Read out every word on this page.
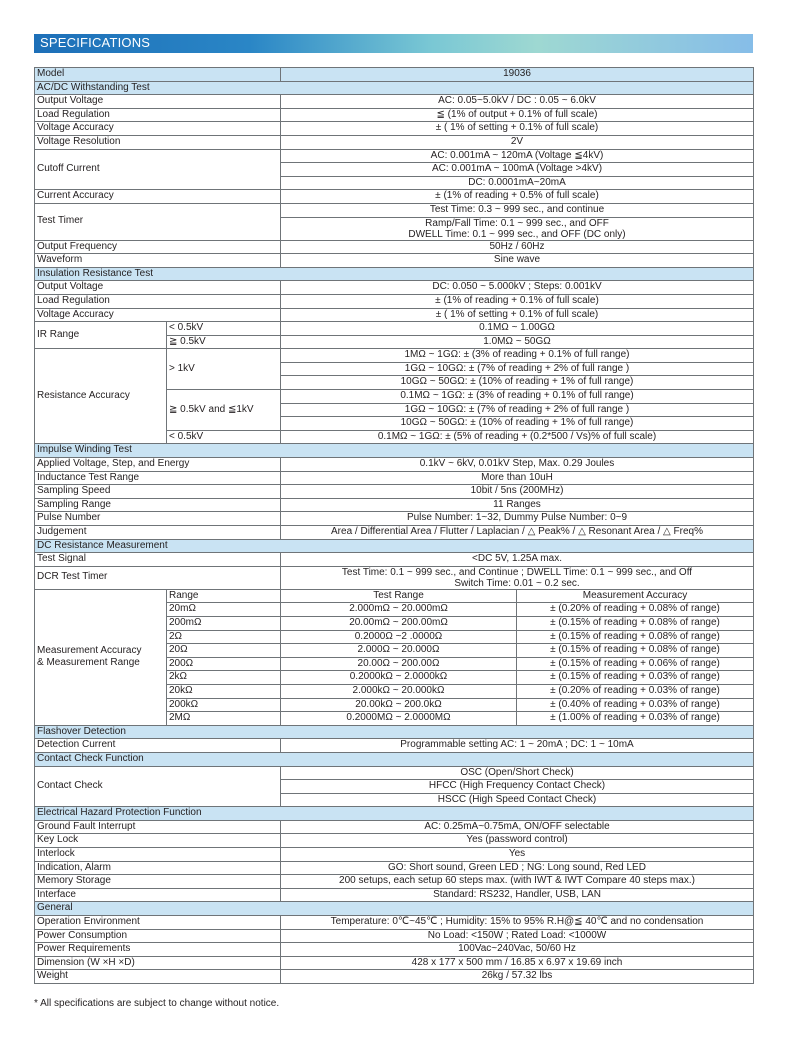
SPECIFICATIONS
Model		19036	
AC/DC Withstanding Test			
Output Voltage		AC: 0.05~5.0kV / DC : 0.05 ~ 6.0kV	
Load Regulation		≦ (1% of output + 0.1% of full scale)	
Voltage Accuracy		± ( 1% of setting + 0.1% of full scale)	
Voltage Resolution		2V	
Cutoff Current		AC: 0.001mA ~ 120mA (Voltage ≦4kV)	
		AC: 0.001mA ~ 100mA (Voltage >4kV)	
		DC: 0.0001mA~20mA	
Current Accuracy		± (1% of reading + 0.5% of full scale)	
Test Timer		Test Time: 0.3 ~ 999 sec., and continue	
		Ramp/Fall Time: 0.1 ~ 999 sec., and OFF	
		DWELL Time: 0.1 ~ 999 sec., and OFF (DC only)	
Output Frequency		50Hz / 60Hz	
Waveform		Sine wave	
Insulation Resistance Test			
Output Voltage		DC: 0.050 ~ 5.000kV ; Steps: 0.001kV	
Load Regulation		± (1% of reading + 0.1% of full scale)	
Voltage Accuracy		± ( 1% of setting + 0.1% of full scale)	
IR Range	< 0.5kV	0.1MΩ ~ 1.00GΩ	
	≧ 0.5kV	1.0MΩ ~ 50GΩ	
Resistance Accuracy	> 1kV	1MΩ ~ 1GΩ: ± (3% of reading + 0.1% of full range)	
		1GΩ ~ 10GΩ: ± (7% of reading + 2% of full range )	
		10GΩ ~ 50GΩ: ± (10% of reading + 1% of full range)	
	≧ 0.5kV and ≦1kV	0.1MΩ ~ 1GΩ: ± (3% of reading + 0.1% of full range)	
		1GΩ ~ 10GΩ: ± (7% of reading + 2% of full range )	
		10GΩ ~ 50GΩ: ± (10% of reading + 1% of full range)	
	< 0.5kV	0.1MΩ ~ 1GΩ: ± (5% of reading + (0.2*500 / Vs)% of full scale)	
Impulse Winding Test			
Applied Voltage, Step, and Energy		0.1kV ~ 6kV, 0.01kV Step, Max. 0.29 Joules	
Inductance Test Range		More than 10uH	
Sampling Speed		10bit / 5ns (200MHz)	
Sampling Range		11 Ranges	
Pulse Number		Pulse Number: 1~32, Dummy Pulse Number: 0~9	
Judgement		Area / Differential Area / Flutter / Laplacian / △ Peak% / △ Resonant Area / △ Freq%	
DC Resistance Measurement			
Test Signal		<DC 5V, 1.25A max.	
DCR Test Timer		Test Time: 0.1 ~ 999 sec., and Continue ; DWELL Time: 0.1 ~ 999 sec., and Off	
		Switch Time: 0.01 ~ 0.2 sec.	

Measurement Accuracy
& Measurement Range	Range	Test Range	Measurement Accuracy
	20mΩ	2.000mΩ ~ 20.000mΩ	± (0.20% of reading + 0.08% of range)
	200mΩ	20.00mΩ ~ 200.00mΩ	± (0.15% of reading + 0.08% of range)
	2Ω	0.2000Ω ~2 .0000Ω	± (0.15% of reading + 0.08% of range)
	20Ω	2.000Ω ~ 20.000Ω	± (0.15% of reading + 0.08% of range)
	200Ω	20.00Ω ~ 200.00Ω	± (0.15% of reading + 0.06% of range)
	2kΩ	0.2000kΩ ~ 2.0000kΩ	± (0.15% of reading + 0.03% of range)
	20kΩ	2.000kΩ ~ 20.000kΩ	± (0.20% of reading + 0.03% of range)
	200kΩ	20.00kΩ ~ 200.0kΩ	± (0.40% of reading + 0.03% of range)
	2MΩ	0.2000MΩ ~ 2.0000MΩ	± (1.00% of reading + 0.03% of range)
Flashover Detection			
Detection Current		Programmable setting AC: 1 ~ 20mA ; DC: 1 ~ 10mA	
Contact Check Function			
Contact Check		OSC (Open/Short Check)	
		HFCC (High Frequency Contact Check)	
		HSCC (High Speed Contact Check)	
Electrical Hazard Protection Function			
Ground Fault Interrupt		AC: 0.25mA~0.75mA, ON/OFF selectable	
Key Lock		Yes (password control)	
Interlock		Yes	
Indication, Alarm		GO: Short sound, Green LED ; NG: Long sound, Red LED	
Memory Storage		200 setups, each setup 60 steps max. (with IWT & IWT Compare 40 steps max.)	
Interface		Standard: RS232, Handler, USB, LAN	
General			
Operation Environment		Temperature: 0℃~45℃ ; Humidity: 15% to 95% R.H@≦ 40℃ and no condensation	
Power Consumption		No Load: <150W ; Rated Load: <1000W	
Power Requirements		100Vac~240Vac, 50/60 Hz	
Dimension (W ×H ×D)		428 x 177 x 500 mm / 16.85 x 6.97 x 19.69 inch	
Weight		26kg / 57.32 lbs	
* All specifications are subject to change without notice.
